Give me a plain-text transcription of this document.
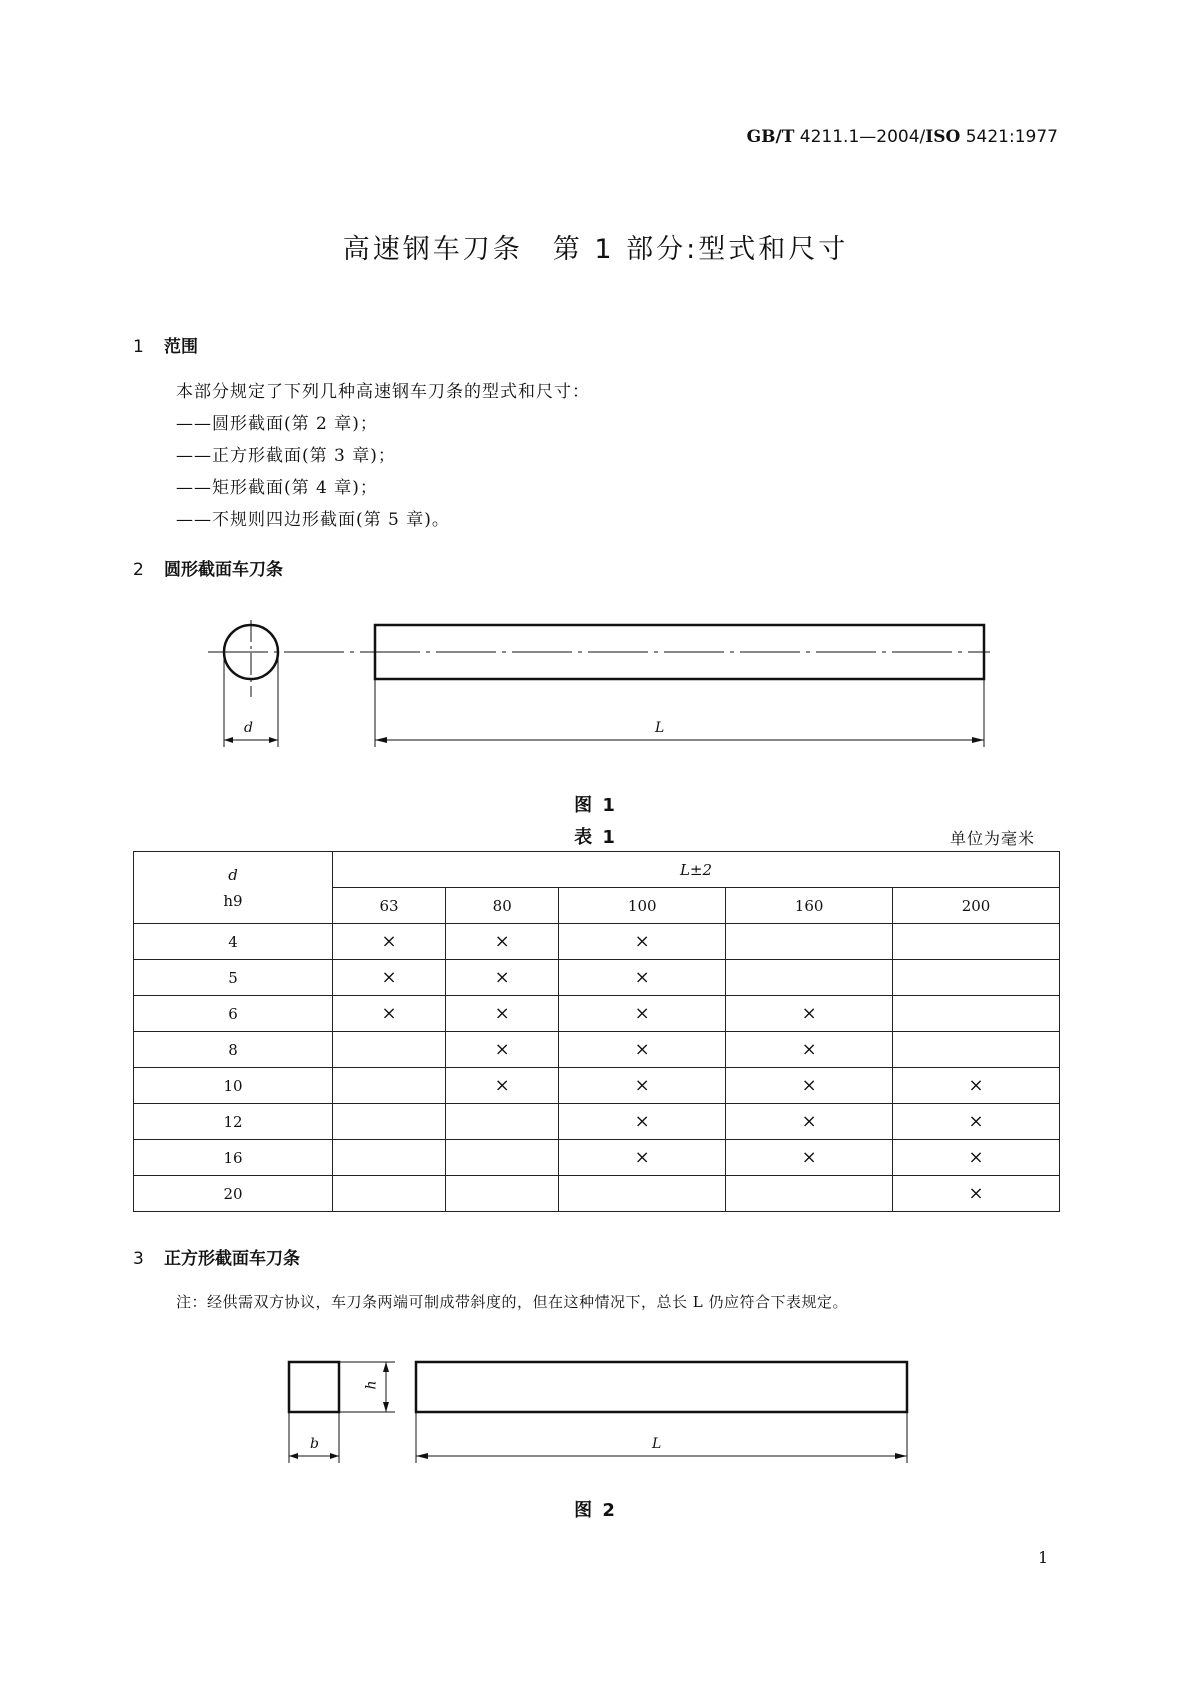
GB/T 4211.1—2004/ISO 5421:1977
高速钢车刀条　第 1 部分:型式和尺寸
1 范围
本部分规定了下列几种高速钢车刀条的型式和尺寸：
——圆形截面(第 2 章)；
——正方形截面(第 3 章)；
——矩形截面(第 4 章)；
——不规则四边形截面(第 5 章)。
2 圆形截面车刀条
d	L
图 1
表 1	单位为毫米
d
h9	L±2				
	63	80	100	160	200
4	×	×	×		
5	×	×	×		
6	×	×	×	×	
8		×	×	×	
10		×	×	×	×
12			×	×	×
16			×	×	×
20					×
b
h
L
3 正方形截面车刀条
注：经供需双方协议，车刀条两端可制成带斜度的，但在这种情况下，总长 L 仍应符合下表规定。
图 2
1
